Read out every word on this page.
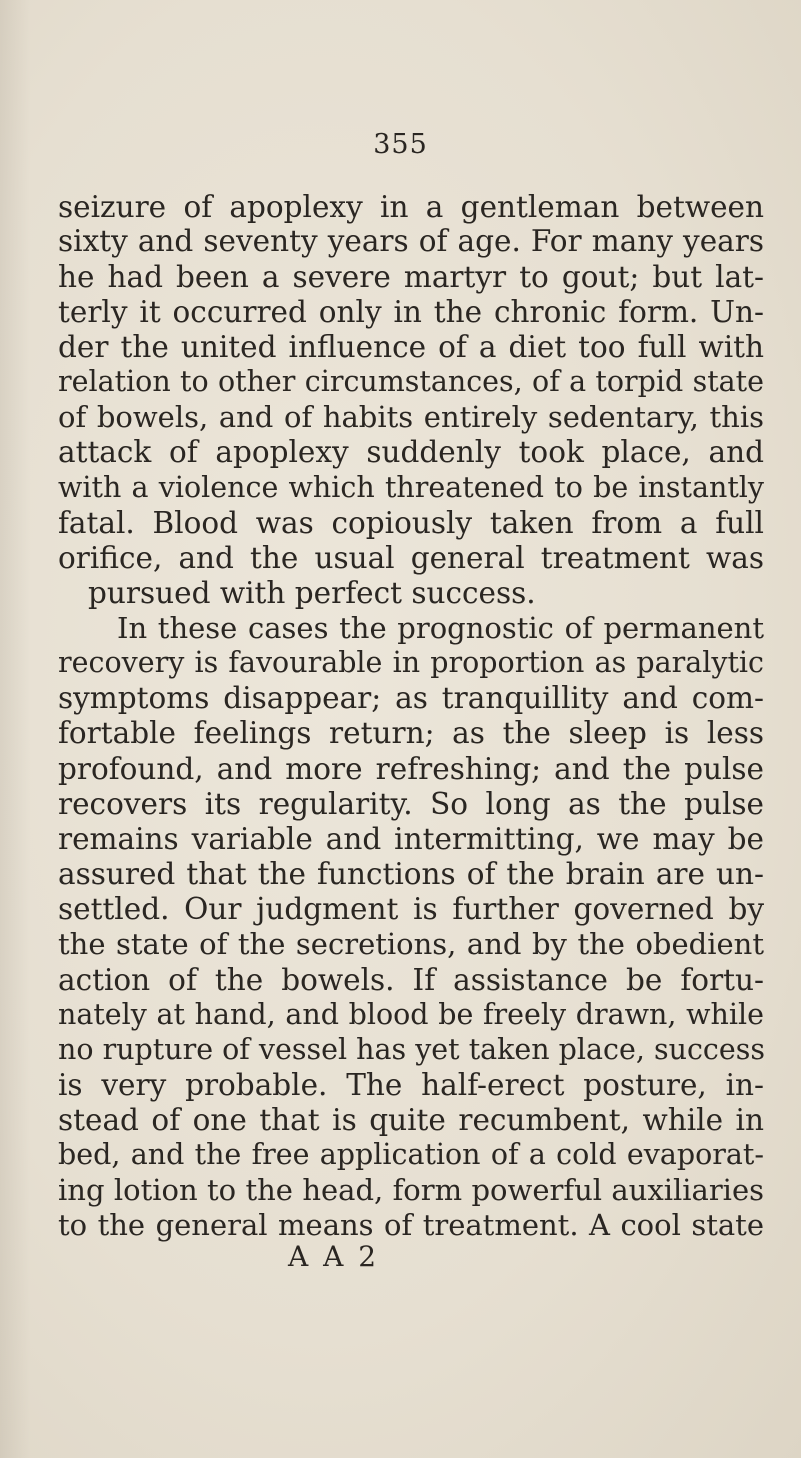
355
seizure of apoplexy in a gentleman between
sixty and seventy years of age. For many years
he had been a severe martyr to gout; but lat-
terly it occurred only in the chronic form. Un-
der the united influence of a diet too full with
relation to other circumstances, of a torpid state
of bowels, and of habits entirely sedentary, this
attack of apoplexy suddenly took place, and
with a violence which threatened to be instantly
fatal. Blood was copiously taken from a full
orifice, and the usual general treatment was
pursued with perfect success.
In these cases the prognostic of permanent
recovery is favourable in proportion as paralytic
symptoms disappear; as tranquillity and com-
fortable feelings return; as the sleep is less
profound, and more refreshing; and the pulse
recovers its regularity. So long as the pulse
remains variable and intermitting, we may be
assured that the functions of the brain are un-
settled. Our judgment is further governed by
the state of the secretions, and by the obedient
action of the bowels. If assistance be fortu-
nately at hand, and blood be freely drawn, while
no rupture of vessel has yet taken place, success
is very probable. The half-erect posture, in-
stead of one that is quite recumbent, while in
bed, and the free application of a cold evaporat-
ing lotion to the head, form powerful auxiliaries
to the general means of treatment. A cool state
A A 2
